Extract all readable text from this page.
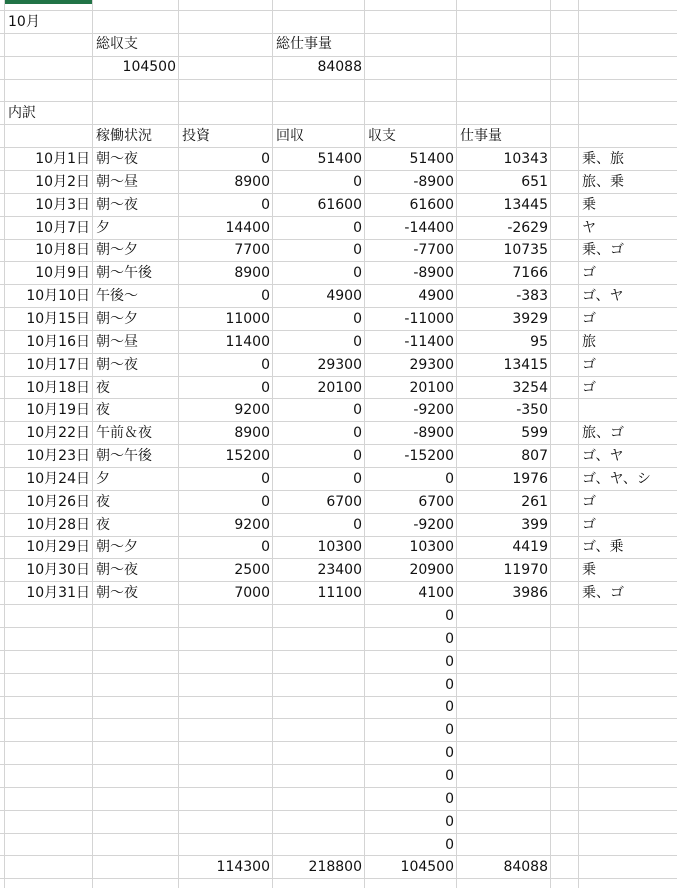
10月
総収支	総仕事量
104500	84088
内訳
稼働状況	投資	回収	収支	仕事量
10月1日 朝～夜	0	51400	51400	10343 乗、旅
10月2日 朝～昼	8900	0	-8900	651 旅、乗
10月3日 朝～夜	0	61600	61600	13445 乗
10月7日 夕	14400	0	-14400	-2629 ヤ
10月8日 朝～夕	7700	0	-7700	10735 乗、ゴ
10月9日 朝～午後	8900	0	-8900	7166 ゴ
10月10日 午後～	0	4900	4900	-383 ゴ、ヤ
10月15日 朝～夕	11000	0	-11000	3929 ゴ
10月16日 朝～昼	11400	0	-11400	95 旅
10月17日 朝～夜	0	29300	29300	13415 ゴ
10月18日 夜	0	20100	20100	3254 ゴ
10月19日 夜	9200	0	-9200	-350
10月22日 午前＆夜	8900	0	-8900	599 旅、ゴ
10月23日 朝～午後	15200	0	-15200	807 ゴ、ヤ
10月24日 夕	0	0	0	1976 ゴ、ヤ、シ
10月26日 夜	0	6700	6700	261 ゴ
10月28日 夜	9200	0	-9200	399 ゴ
10月29日 朝～夕	0	10300	10300	4419 ゴ、乗
10月30日 朝～夜	2500	23400	20900	11970 乗
10月31日 朝～夜	7000	11100	4100	3986 乗、ゴ
0
0
0
0
0
0
0
0
0
0
0
114300	218800	104500	84088
